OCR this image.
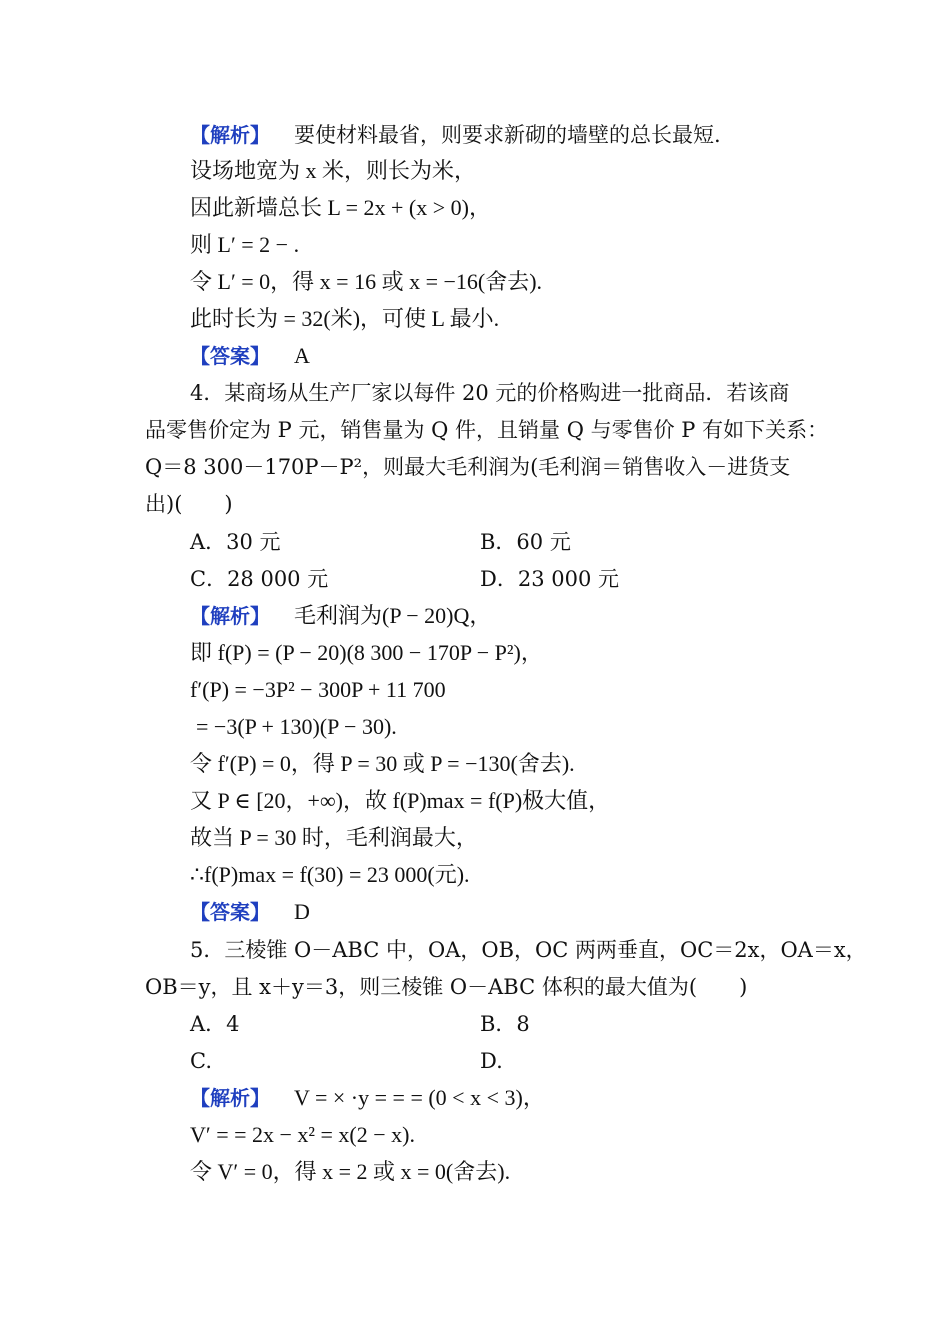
【解析】 要使材料最省，则要求新砌的墙壁的总长最短.
设场地宽为 x 米，则长为米，
因此新墙总长 L = 2x + (x > 0)，
则 L′ = 2 − .
令 L′ = 0，得 x = 16 或 x = −16(舍去).
此时长为 = 32(米)，可使 L 最小.
【答案】 A
4．某商场从生产厂家以每件 20 元的价格购进一批商品．若该商
品零售价定为 P 元，销售量为 Q 件，且销量 Q 与零售价 P 有如下关系：
Q＝8 300－170P－P²，则最大毛利润为(毛利润＝销售收入－进货支
出)(　　)
A．30 元	B．60 元
C．28 000 元	D．23 000 元
【解析】 毛利润为(P − 20)Q，
即 f(P) = (P − 20)(8 300 − 170P − P²)，
f′(P) = −3P² − 300P + 11 700
= −3(P + 130)(P − 30).
令 f′(P) = 0，得 P = 30 或 P = −130(舍去).
又 P ∈ [20，+∞)，故 f(P)max = f(P)极大值，
故当 P = 30 时，毛利润最大，
∴f(P)max = f(30) = 23 000(元).
【答案】 D
5．三棱锥 O－ABC 中，OA，OB，OC 两两垂直，OC＝2x，OA＝x，
OB＝y，且 x＋y＝3，则三棱锥 O－ABC 体积的最大值为(　　)
A．4	B．8
C.	D.
【解析】 V = × ·y = = = (0 < x < 3)，
V′ = = 2x − x² = x(2 − x).
令 V′ = 0，得 x = 2 或 x = 0(舍去).
